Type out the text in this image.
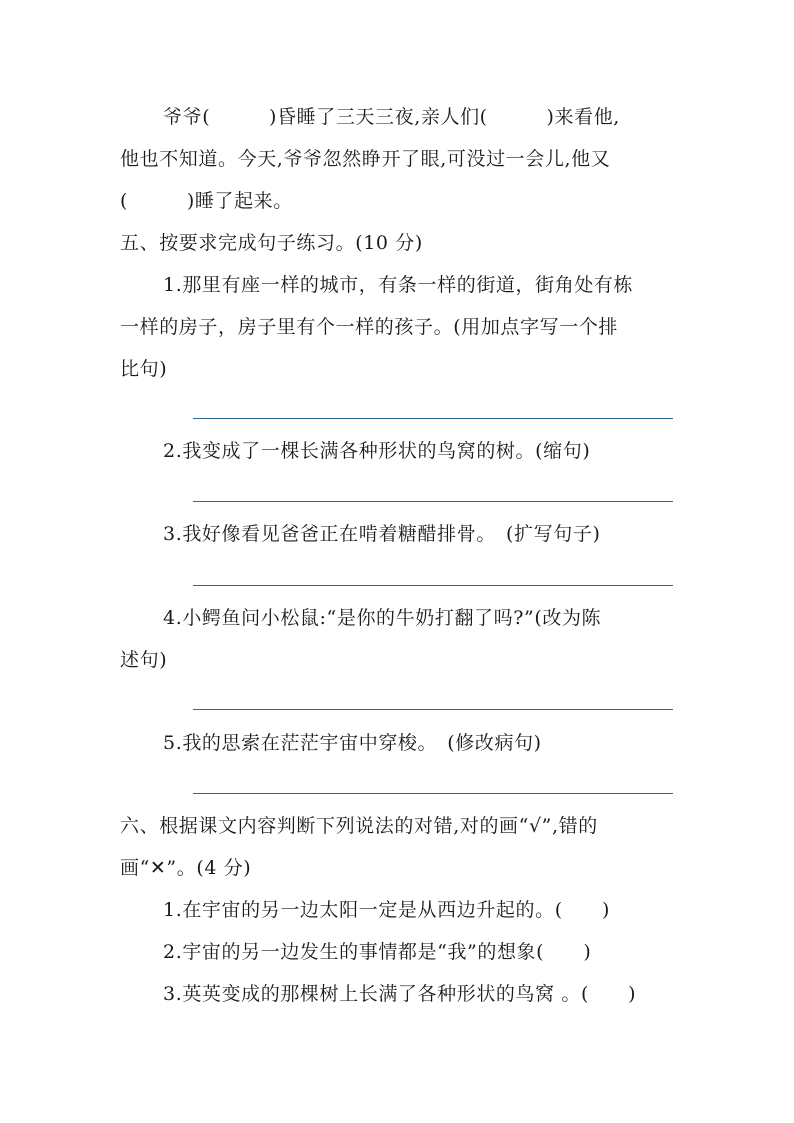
爷爷(　　　)昏睡了三天三夜,亲人们(　　　)来看他,
他也不知道。今天,爷爷忽然睁开了眼,可没过一会儿,他又
(　　　)睡了起来。
五、按要求完成句子练习。(10 分)
1.那里有座一样的城市，有条一样的街道，街角处有栋
一样的房子，房子里有个一样的孩子。(用加点字写一个排
比句)
2.我变成了一棵长满各种形状的鸟窝的树。(缩句)
3.我好像看见爸爸正在啃着糖醋排骨。　(扩写句子)
4.小鳄鱼问小松鼠:“是你的牛奶打翻了吗?”(改为陈
述句)
5.我的思索在茫茫宇宙中穿梭。　(修改病句)
六、根据课文内容判断下列说法的对错,对的画“√”,错的
画“✕”。(4 分)
1.在宇宙的另一边太阳一定是从西边升起的。(　　)
2.宇宙的另一边发生的事情都是“我”的想象(　　)
3.英英变成的那棵树上长满了各种形状的鸟窝 。(　　)
